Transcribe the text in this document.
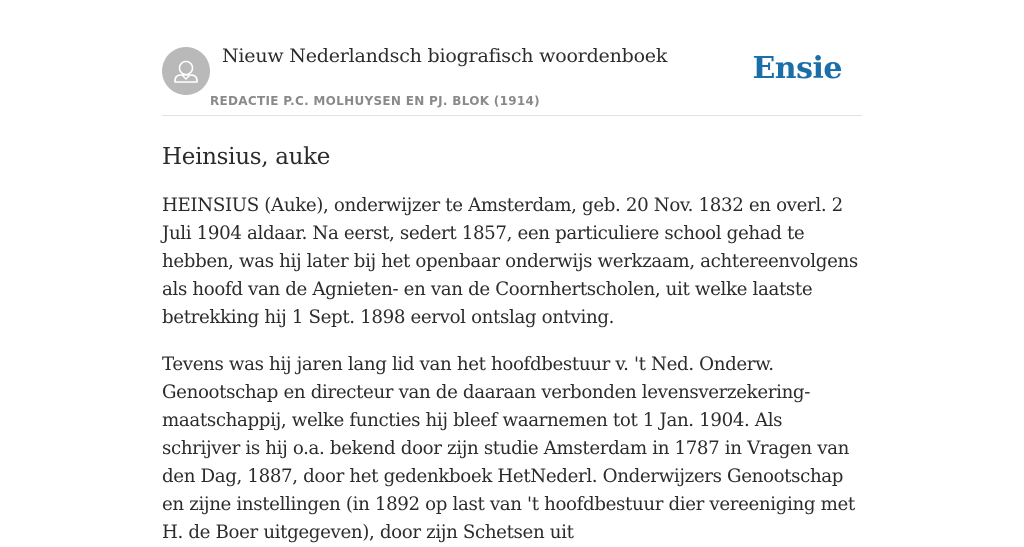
Nieuw Nederlandsch biografisch woordenboek
REDACTIE P.C. MOLHUYSEN EN PJ. BLOK (1914)
Ensie
Heinsius, auke

HEINSIUS (Auke), onderwijzer te Amsterdam, geb. 20 Nov. 1832 en overl. 2 Juli 1904 aldaar. Na eerst, sedert 1857, een particuliere school gehad te hebben, was hij later bij het openbaar onderwijs werkzaam, achtereenvolgens als hoofd van de Agnieten- en van de Coornhertscholen, uit welke laatste betrekking hij 1 Sept. 1898 eervol ontslag ontving.

Tevens was hij jaren lang lid van het hoofdbestuur v. 't Ned. Onderw. Genootschap en directeur van de daaraan verbonden levensverzekering-maatschappij, welke functies hij bleef waarnemen tot 1 Jan. 1904. Als schrijver is hij o.a. bekend door zijn studie Amsterdam in 1787 in Vragen van den Dag, 1887, door het gedenkboek HetNederl. Onderwijzers Genootschap en zijne instellingen (in 1892 op last van 't hoofdbestuur dier vereeniging met H. de Boer uitgegeven), door zijn Schetsen uit
